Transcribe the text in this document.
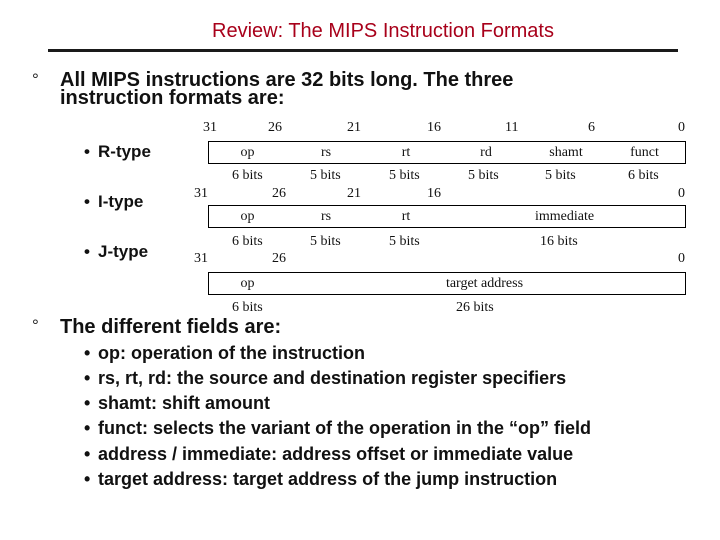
Review: The MIPS Instruction Formats
° All MIPS instructions are 32 bits long. The three
instruction formats are:
• R-type
• I-type
• J-type
31	26	21	16	11	6	0
op	rs	rt	rd	shamt	funct
6 bits	5 bits	5 bits	5 bits	5 bits	6 bits
31	26	21	16	0
op	rs	rt	immediate
6 bits	5 bits	5 bits	16 bits
31	26	0
op	target address
6 bits	26 bits
° The different fields are:
• op: operation of the instruction
• rs, rt, rd: the source and destination register specifiers
• shamt: shift amount
• funct: selects the variant of the operation in the “op” field
• address / immediate: address offset or immediate value
• target address: target address of the jump instruction
